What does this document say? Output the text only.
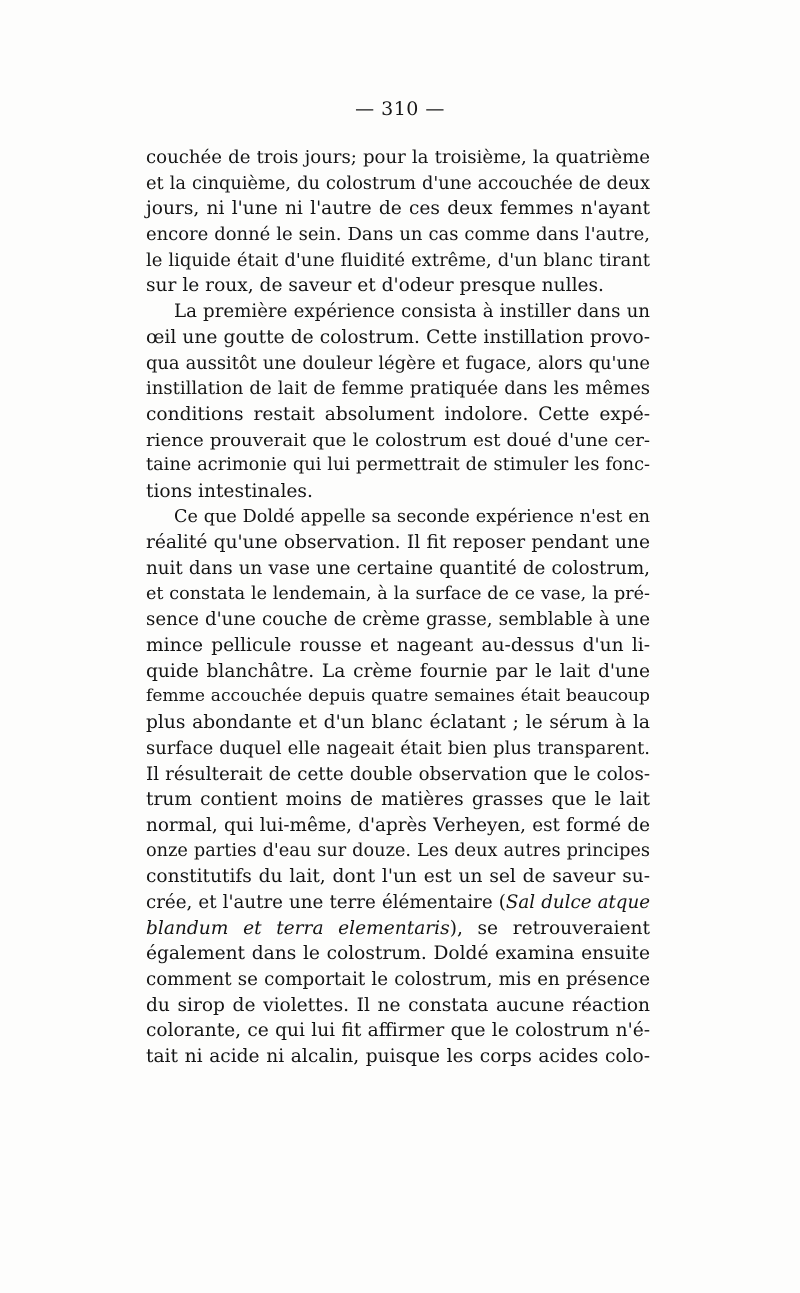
— 310 —
couchée de trois jours; pour la troisième, la quatrième
et la cinquième, du colostrum d'une accouchée de deux
jours, ni l'une ni l'autre de ces deux femmes n'ayant
encore donné le sein. Dans un cas comme dans l'autre,
le liquide était d'une fluidité extrême, d'un blanc tirant
sur le roux, de saveur et d'odeur presque nulles.
La première expérience consista à instiller dans un
œil une goutte de colostrum. Cette instillation provo-
qua aussitôt une douleur légère et fugace, alors qu'une
instillation de lait de femme pratiquée dans les mêmes
conditions restait absolument indolore. Cette expé-
rience prouverait que le colostrum est doué d'une cer-
taine acrimonie qui lui permettrait de stimuler les fonc-
tions intestinales.
Ce que Doldé appelle sa seconde expérience n'est en
réalité qu'une observation. Il fit reposer pendant une
nuit dans un vase une certaine quantité de colostrum,
et constata le lendemain, à la surface de ce vase, la pré-
sence d'une couche de crème grasse, semblable à une
mince pellicule rousse et nageant au-dessus d'un li-
quide blanchâtre. La crème fournie par le lait d'une
femme accouchée depuis quatre semaines était beaucoup
plus abondante et d'un blanc éclatant ; le sérum à la
surface duquel elle nageait était bien plus transparent.
Il résulterait de cette double observation que le colos-
trum contient moins de matières grasses que le lait
normal, qui lui-même, d'après Verheyen, est formé de
onze parties d'eau sur douze. Les deux autres principes
constitutifs du lait, dont l'un est un sel de saveur su-
crée, et l'autre une terre élémentaire (Sal dulce atque
blandum et terra elementaris), se retrouveraient
également dans le colostrum. Doldé examina ensuite
comment se comportait le colostrum, mis en présence
du sirop de violettes. Il ne constata aucune réaction
colorante, ce qui lui fit affirmer que le colostrum n'é-
tait ni acide ni alcalin, puisque les corps acides colo-
